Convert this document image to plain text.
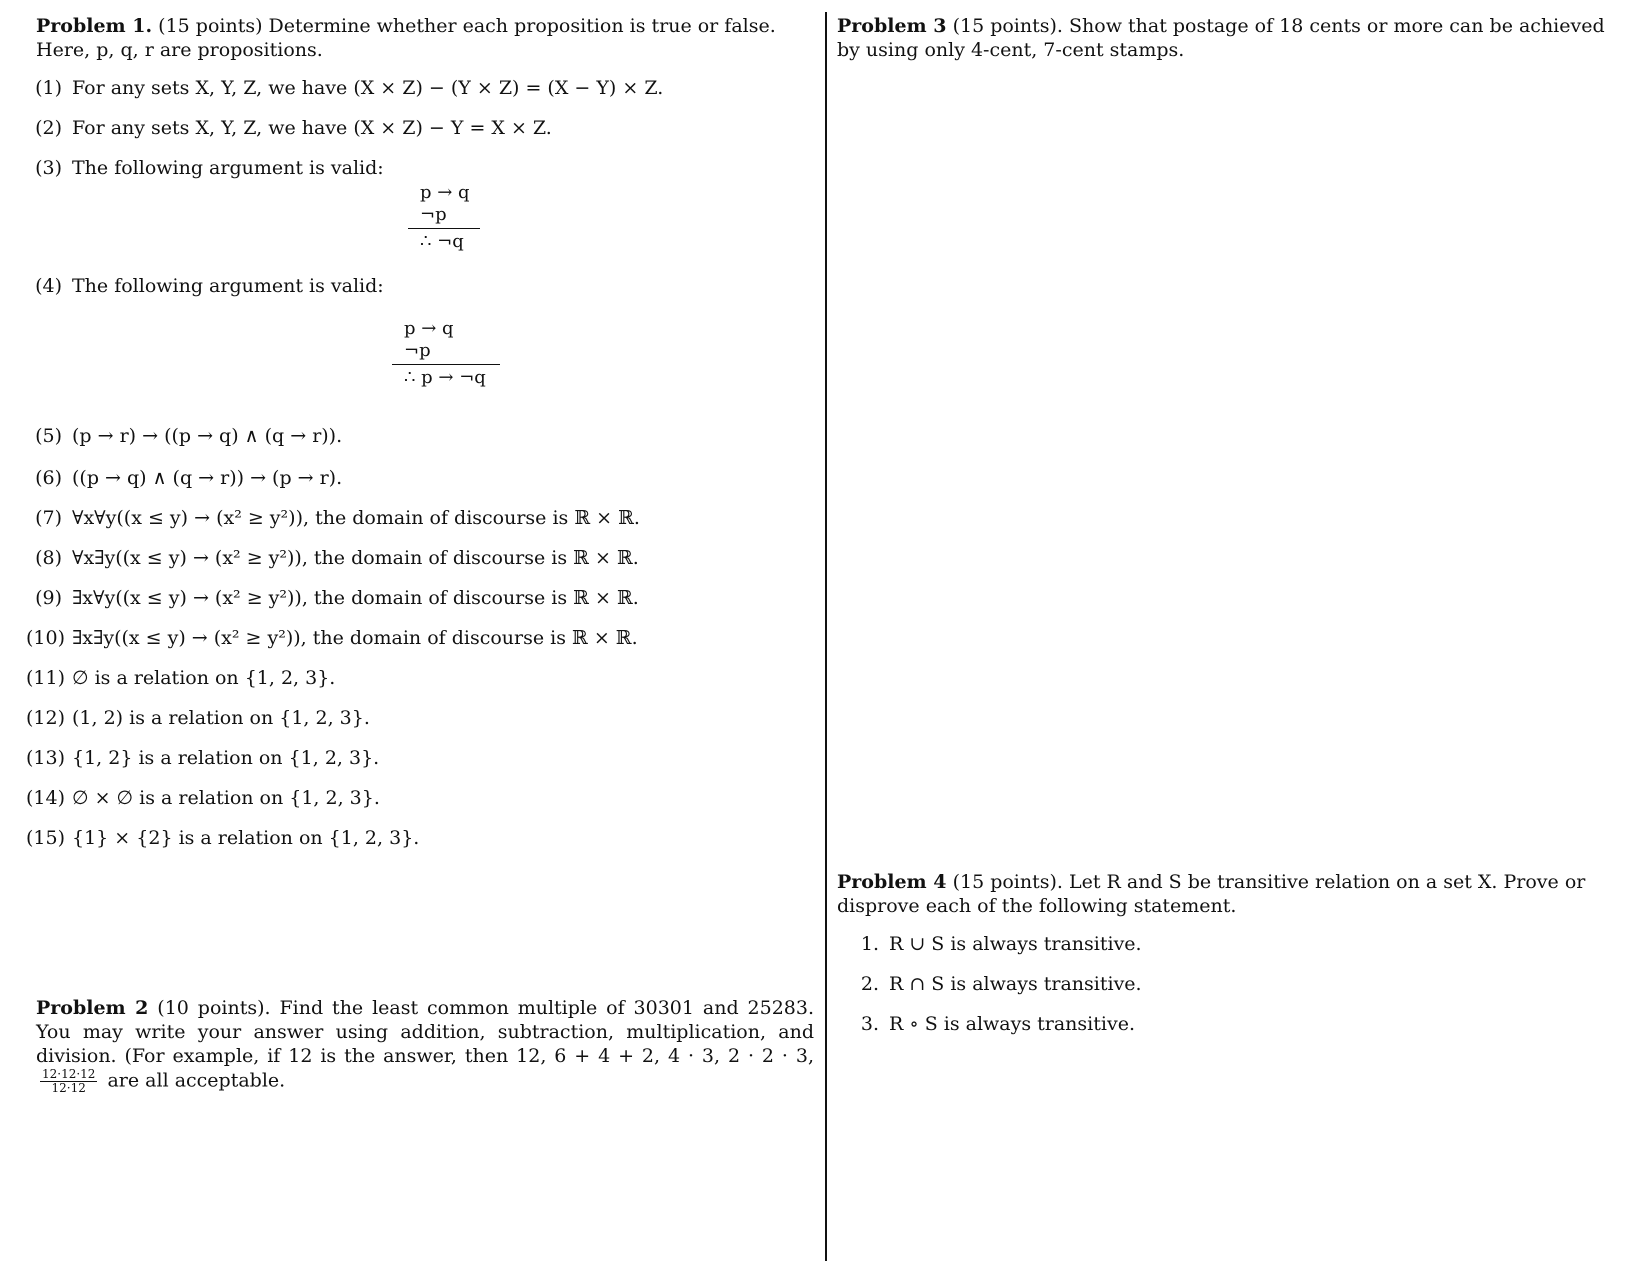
Problem 1. (15 points) Determine whether each proposition is true or false. Here, p, q, r are propositions.
(1) For any sets X, Y, Z, we have (X × Z) − (Y × Z) = (X − Y) × Z.
(2) For any sets X, Y, Z, we have (X × Z) − Y = X × Z.
(3) The following argument is valid:
p → q
¬p
∴ ¬q
(4) The following argument is valid:
p → q
¬p
∴ p → ¬q
(5) (p → r) → ((p → q) ∧ (q → r)).
(6) ((p → q) ∧ (q → r)) → (p → r).
(7) ∀x∀y((x ≤ y) → (x² ≥ y²)), the domain of discourse is ℝ × ℝ.
(8) ∀x∃y((x ≤ y) → (x² ≥ y²)), the domain of discourse is ℝ × ℝ.
(9) ∃x∀y((x ≤ y) → (x² ≥ y²)), the domain of discourse is ℝ × ℝ.
(10) ∃x∃y((x ≤ y) → (x² ≥ y²)), the domain of discourse is ℝ × ℝ.
(11) ∅ is a relation on {1, 2, 3}.
(12) (1, 2) is a relation on {1, 2, 3}.
(13) {1, 2} is a relation on {1, 2, 3}.
(14) ∅ × ∅ is a relation on {1, 2, 3}.
(15) {1} × {2} is a relation on {1, 2, 3}.
Problem 2 (10 points). Find the least common multiple of 30301 and 25283. You may write your answer using addition, subtraction, multiplication, and division. (For example, if 12 is the answer, then 12, 6 + 4 + 2, 4 · 3, 2 · 2 · 3,
$\frac{12\cdot 12\cdot 12}{12\cdot 12}$ are all acceptable.
Problem 3 (15 points). Show that postage of 18 cents or more can be achieved by using only 4-cent, 7-cent stamps.
Problem 4 (15 points). Let R and S be transitive relation on a set X. Prove or disprove each of the following statement.
1. R ∪ S is always transitive.
2. R ∩ S is always transitive.
3. R ∘ S is always transitive.
